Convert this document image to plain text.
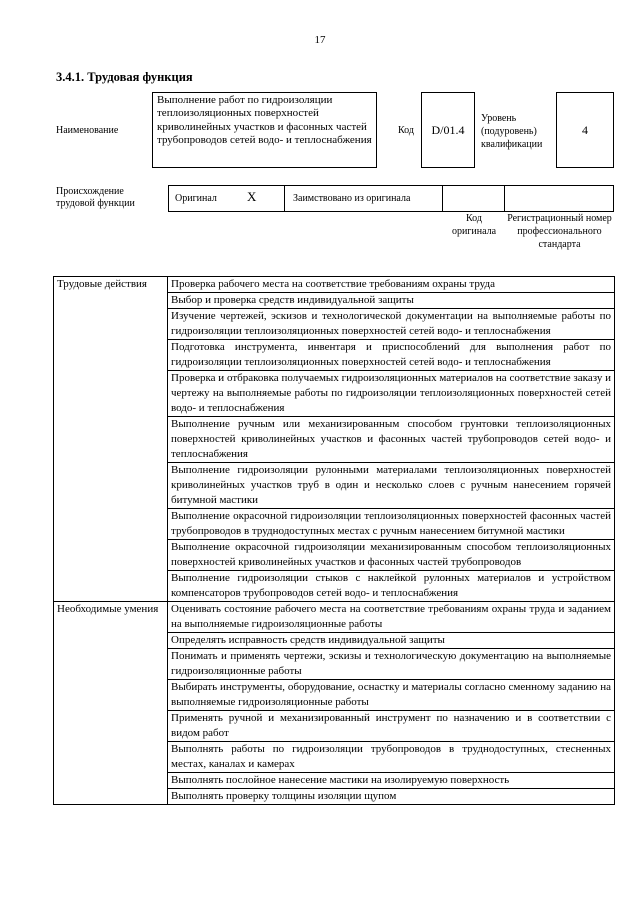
17
3.4.1. Трудовая функция
Наименование
Выполнение работ по гидроизоляции теплоизоляционных поверхностей криволинейных участков и фасонных частей трубопроводов сетей водо- и теплоснабжения
Код	D/01.4
Уровень (подуровень) квалификации
4
Происхождение трудовой функции	Оригинал X	Заимствовано из оригинала
Код оригинала
Регистрационный номер профессионального стандарта
Трудовые действия	Проверка рабочего места на соответствие требованиям охраны труда
	Выбор и проверка средств индивидуальной защиты
	Изучение чертежей, эскизов и технологической документации на выполняемые работы по гидроизоляции теплоизоляционных поверхностей сетей водо- и теплоснабжения
	Подготовка инструмента, инвентаря и приспособлений для выполнения работ по гидроизоляции теплоизоляционных поверхностей сетей водо- и теплоснабжения
	Проверка и отбраковка получаемых гидроизоляционных материалов на соответствие заказу и чертежу на выполняемые работы по гидроизоляции теплоизоляционных поверхностей сетей водо- и теплоснабжения
	Выполнение ручным или механизированным способом грунтовки теплоизоляционных поверхностей криволинейных участков и фасонных частей трубопроводов сетей водо- и теплоснабжения
	Выполнение гидроизоляции рулонными материалами теплоизоляционных поверхностей криволинейных участков труб в один и несколько слоев с ручным нанесением горячей битумной мастики
	Выполнение окрасочной гидроизоляции теплоизоляционных поверхностей фасонных частей трубопроводов в труднодоступных местах с ручным нанесением битумной мастики
	Выполнение окрасочной гидроизоляции механизированным способом теплоизоляционных поверхностей криволинейных участков и фасонных частей трубопроводов
	Выполнение гидроизоляции стыков с наклейкой рулонных материалов и устройством компенсаторов трубопроводов сетей водо- и теплоснабжения
Необходимые умения	Оценивать состояние рабочего места на соответствие требованиям охраны труда и заданием на выполняемые гидроизоляционные работы
	Определять исправность средств индивидуальной защиты
	Понимать и применять чертежи, эскизы и технологическую документацию на выполняемые гидроизоляционные работы
	Выбирать инструменты, оборудование, оснастку и материалы согласно сменному заданию на выполняемые гидроизоляционные работы
	Применять ручной и механизированный инструмент по назначению и в соответствии с видом работ
	Выполнять работы по гидроизоляции трубопроводов в труднодоступных, стесненных местах, каналах и камерах
	Выполнять послойное нанесение мастики на изолируемую поверхность
	Выполнять проверку толщины изоляции щупом
